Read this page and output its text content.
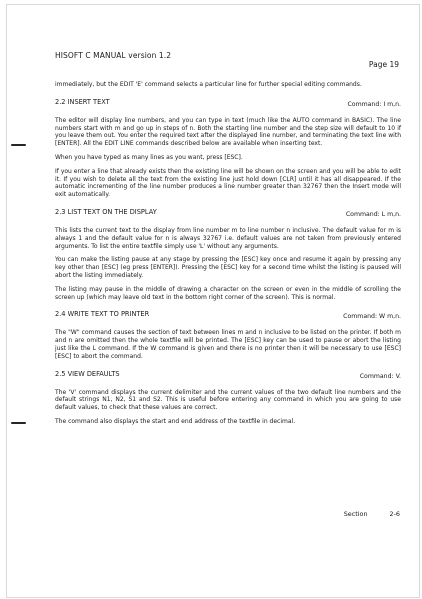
HISOFT C MANUAL version 1.2
Page 19

immediately, but the EDIT 'E' command selects a particular line for further special editing commands.

2.2 INSERT TEXT	Command: I m,n.

The editor will display line numbers, and you can type in text (much like the AUTO command in BASIC). The line numbers start with m and go up in steps of n. Both the starting line number and the step size will default to 10 if you leave them out. You enter the required text after the displayed line number, and terminating the text line with [ENTER]. All the EDIT LINE commands described below are available when inserting text.

When you have typed as many lines as you want, press [ESC].

If you enter a line that already exists then the existing line will be shown on the screen and you will be able to edit it. If you wish to delete all the text from the existing line just hold down [CLR] until it has all disappeared. If the automatic incrementing of the line number produces a line number greater than 32767 then the Insert mode will exit automatically.

2.3 LIST TEXT ON THE DISPLAY	Command: L m,n.

This lists the current text to the display from line number m to line number n inclusive. The default value for m is always 1 and the default value for n is always 32767 i.e. default values are not taken from previously entered arguments. To list the entire textfile simply use 'L' without any arguments.

You can make the listing pause at any stage by pressing the [ESC] key once and resume it again by pressing any key other than [ESC] (eg press [ENTER]). Pressing the [ESC] key for a second time whilst the listing is paused will abort the listing immediately.

The listing may pause in the middle of drawing a character on the screen or even in the middle of scrolling the screen up (which may leave old text in the bottom right corner of the screen). This is normal.

2.4 WRITE TEXT TO PRINTER	Command: W m,n.

The "W" command causes the section of text between lines m and n inclusive to be listed on the printer. If both m and n are omitted then the whole textfile will be printed. The [ESC] key can be used to pause or abort the listing just like the L command. If the W command is given and there is no printer then it will be necessary to use [ESC] [ESC] to abort the command.

2.5 VIEW DEFAULTS	Command: V.

The 'V' command displays the current delimiter and the current values of the two default line numbers and the default strings N1, N2, S1 and S2. This is useful before entering any command in which you are going to use default values, to check that these values are correct.

The command also displays the start and end address of the textfile in decimal.

Section	2-6
